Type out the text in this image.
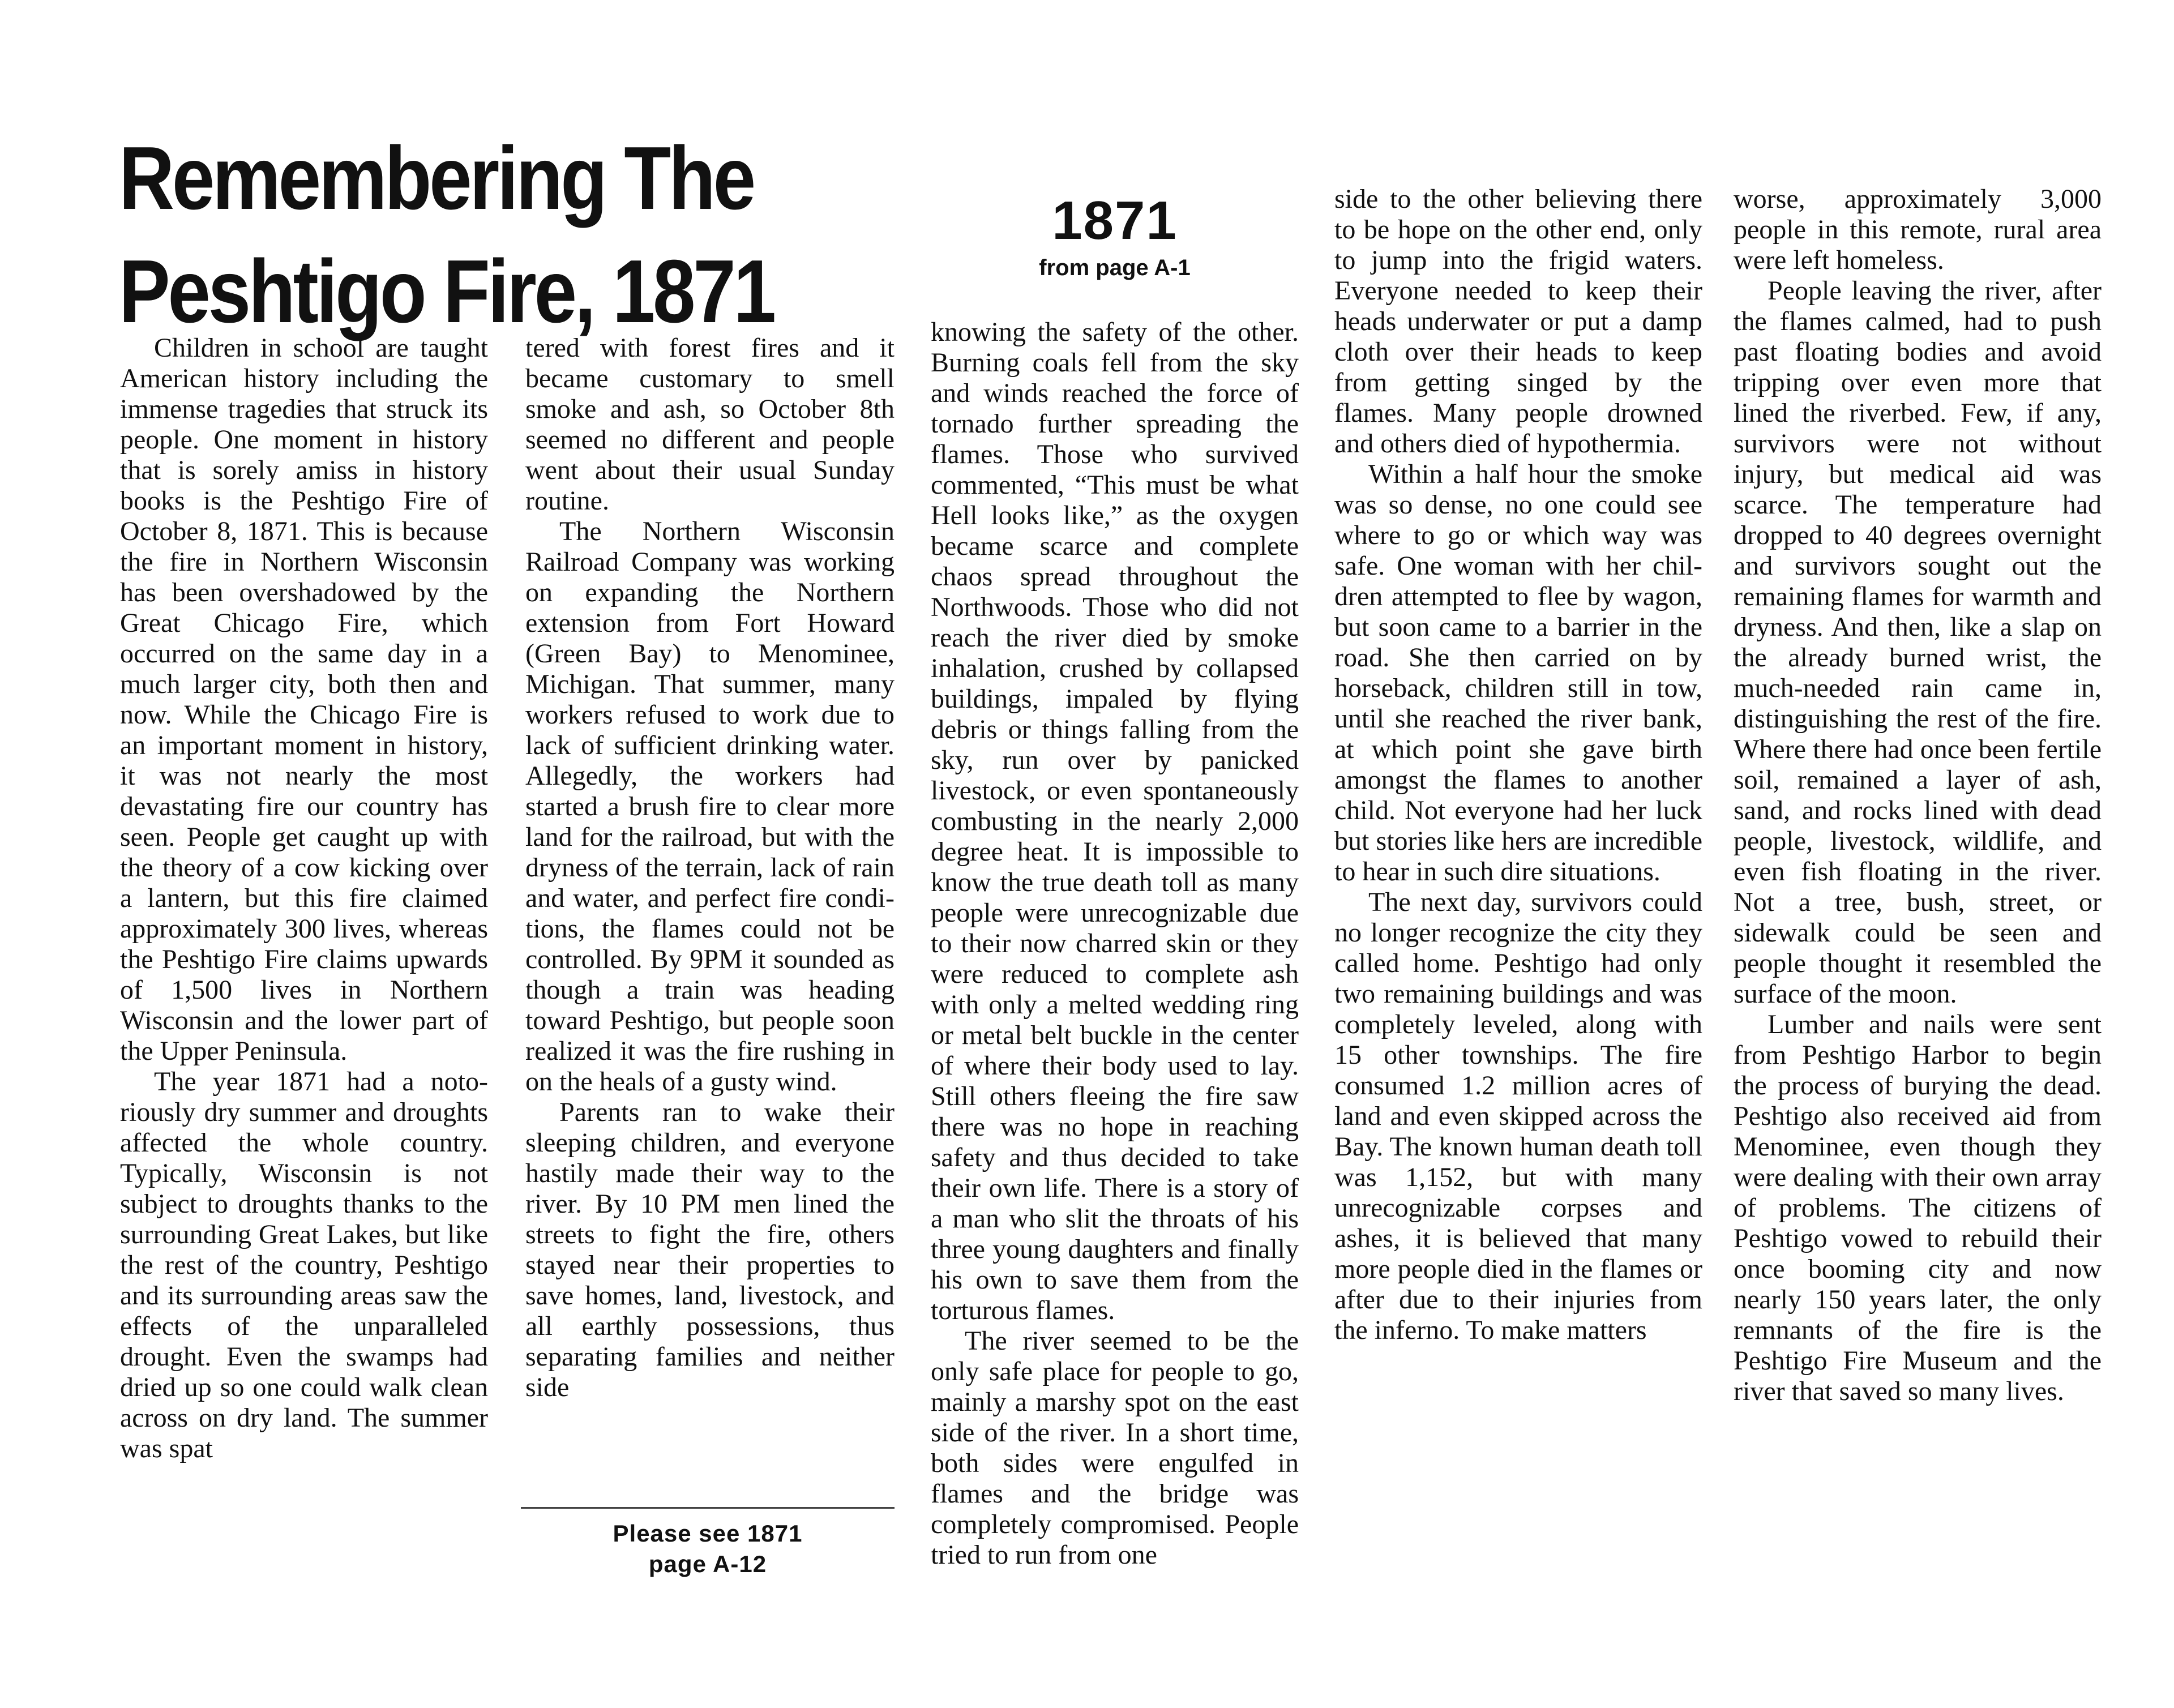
Remembering The
Peshtigo Fire, 1871

Children in school are taught American history including the immense tragedies that struck its people. One moment in history that is sorely amiss in history books is the Peshtigo Fire of October 8, 1871. This is because the fire in Northern Wisconsin has been overshadowed by the Great Chicago Fire, which occurred on the same day in a much larger city, both then and now. While the Chicago Fire is an important moment in history, it was not nearly the most devastating fire our country has seen. People get caught up with the theory of a cow kicking over a lantern, but this fire claimed approximately 300 lives, whereas the Peshtigo Fire claims upwards of 1,500 lives in Northern Wisconsin and the lower part of the Upper Peninsula.

The year 1871 had a notoriously dry summer and droughts affected the whole country. Typically, Wisconsin is not subject to droughts thanks to the surrounding Great Lakes, but like the rest of the country, Peshtigo and its surrounding areas saw the effects of the unparalleled drought. Even the swamps had dried up so one could walk clean across on dry land. The summer was spat

tered with forest fires and it became customary to smell smoke and ash, so October 8th seemed no different and people went about their usual Sunday routine.

The Northern Wisconsin Railroad Company was working on expanding the Northern extension from Fort Howard (Green Bay) to Menominee, Michigan. That summer, many workers refused to work due to lack of sufficient drinking water. Allegedly, the workers had started a brush fire to clear more land for the railroad, but with the dryness of the terrain, lack of rain and water, and perfect fire conditions, the flames could not be controlled. By 9PM it sounded as though a train was heading toward Peshtigo, but people soon realized it was the fire rushing in on the heals of a gusty wind.

Parents ran to wake their sleeping children, and everyone hastily made their way to the river. By 10 PM men lined the streets to fight the fire, others stayed near their properties to save homes, land, livestock, and all earthly possessions, thus separating families and neither side

Please see 1871
page A-12
1871
from page A-1

knowing the safety of the other. Burning coals fell from the sky and winds reached the force of tornado further spreading the flames. Those who survived commented, “This must be what Hell looks like,” as the oxygen became scarce and complete chaos spread throughout the Northwoods. Those who did not reach the river died by smoke inhalation, crushed by collapsed buildings, impaled by flying debris or things falling from the sky, run over by panicked livestock, or even spontaneously combusting in the nearly 2,000 degree heat. It is impossible to know the true death toll as many people were unrecognizable due to their now charred skin or they were reduced to complete ash with only a melted wedding ring or metal belt buckle in the center of where their body used to lay. Still others fleeing the fire saw there was no hope in reaching safety and thus decided to take their own life. There is a story of a man who slit the throats of his three young daughters and finally his own to save them from the torturous flames.

The river seemed to be the only safe place for people to go, mainly a marshy spot on the east side of the river. In a short time, both sides were engulfed in flames and the bridge was completely compromised. People tried to run from one

side to the other believing there to be hope on the other end, only to jump into the frigid waters. Everyone needed to keep their heads underwater or put a damp cloth over their heads to keep from getting singed by the flames. Many people drowned and others died of hypothermia.

Within a half hour the smoke was so dense, no one could see where to go or which way was safe. One woman with her children attempted to flee by wagon, but soon came to a barrier in the road. She then carried on by horseback, children still in tow, until she reached the river bank, at which point she gave birth amongst the flames to another child. Not everyone had her luck but stories like hers are incredible to hear in such dire situations.

The next day, survivors could no longer recognize the city they called home. Peshtigo had only two remaining buildings and was completely leveled, along with 15 other townships. The fire consumed 1.2 million acres of land and even skipped across the Bay. The known human death toll was 1,152, but with many unrecognizable corpses and ashes, it is believed that many more people died in the flames or after due to their injuries from the inferno. To make matters

worse, approximately 3,000 people in this remote, rural area were left homeless.

People leaving the river, after the flames calmed, had to push past floating bodies and avoid tripping over even more that lined the riverbed. Few, if any, survivors were not without injury, but medical aid was scarce. The temperature had dropped to 40 degrees overnight and survivors sought out the remaining flames for warmth and dryness. And then, like a slap on the already burned wrist, the much-needed rain came in, distinguishing the rest of the fire. Where there had once been fertile soil, remained a layer of ash, sand, and rocks lined with dead people, livestock, wildlife, and even fish floating in the river. Not a tree, bush, street, or sidewalk could be seen and people thought it resembled the surface of the moon.

Lumber and nails were sent from Peshtigo Harbor to begin the process of burying the dead. Peshtigo also received aid from Menominee, even though they were dealing with their own array of problems. The citizens of Peshtigo vowed to rebuild their once booming city and now nearly 150 years later, the only remnants of the fire is the Peshtigo Fire Museum and the river that saved so many lives.
